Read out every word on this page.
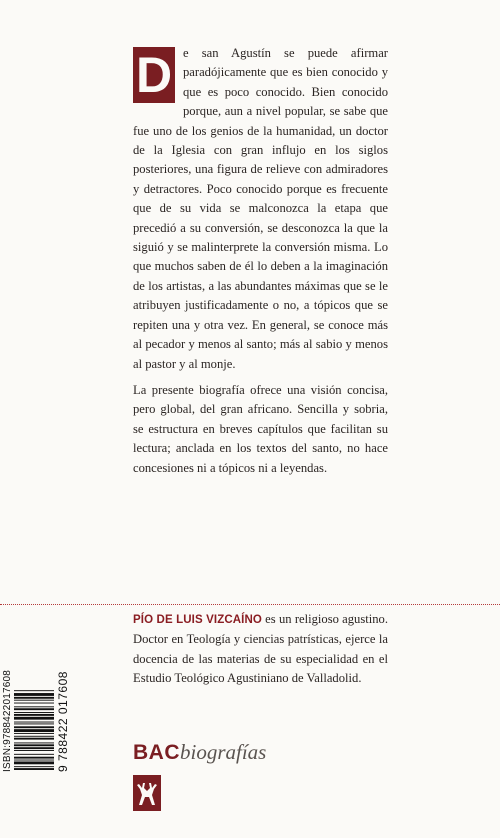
D e san Agustín se puede afirmar paradójicamente que es bien conocido y que es poco conocido. Bien conocido porque, aun a nivel popular, se sabe que fue uno de los genios de la humanidad, un doctor de la Iglesia con gran influjo en los siglos posteriores, una figura de relieve con admiradores y detractores. Poco conocido porque es frecuente que de su vida se malconozca la etapa que precedió a su conversión, se desconozca la que la siguió y se malinterprete la conversión misma. Lo que muchos saben de él lo deben a la imaginación de los artistas, a las abundantes máximas que se le atribuyen justificadamente o no, a tópicos que se repiten una y otra vez. En general, se conoce más al pecador y menos al santo; más al sabio y menos al pastor y al monje.

La presente biografía ofrece una visión concisa, pero global, del gran africano. Sencilla y sobria, se estructura en breves capítulos que facilitan su lectura; anclada en los textos del santo, no hace concesiones ni a tópicos ni a leyendas.

PÍO DE LUIS VIZCAÍNO es un religioso agustino. Doctor en Teología y ciencias patrísticas, ejerce la docencia de las materias de su especialidad en el Estudio Teológico Agustiniano de Valladolid.

BACbiografías
ISBN:9788422017608	9 788422 017608
